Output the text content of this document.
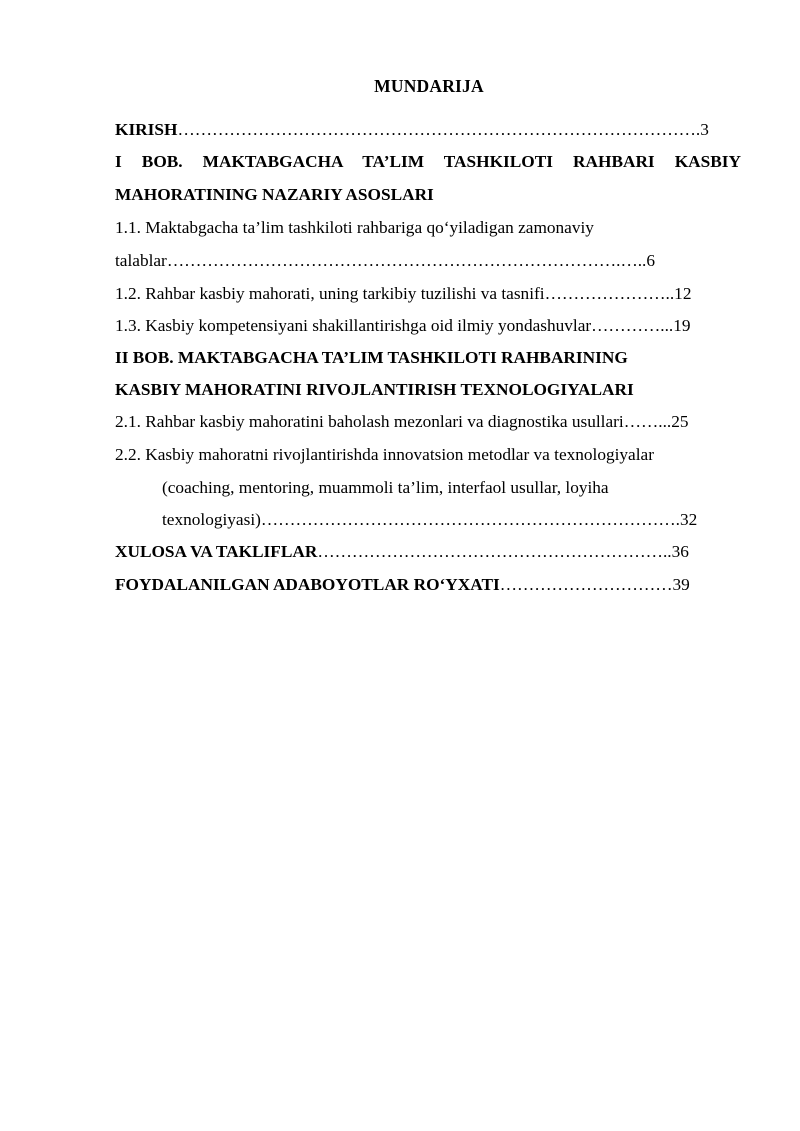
MUNDARIJA
KIRISH……………………………………………………………………………….3
I BOB. MAKTABGACHA TA’LIM TASHKILOTI RAHBARI KASBIY
MAHORATINING NAZARIY ASOSLARI
1.1. Maktabgacha ta’lim tashkiloti rahbariga qo‘yiladigan zamonaviy
talablar…………………………………………………………………….…..6
1.2. Rahbar kasbiy mahorati, uning tarkibiy tuzilishi va tasnifi…………………..12
1.3. Kasbiy kompetensiyani shakillantirishga oid ilmiy yondashuvlar…………...19
II BOB. MAKTABGACHA TA’LIM TASHKILOTI RAHBARINING
KASBIY MAHORATINI RIVOJLANTIRISH TEXNOLOGIYALARI
2.1. Rahbar kasbiy mahoratini baholash mezonlari va diagnostika usullari……...25
2.2. Kasbiy mahoratni rivojlantirishda innovatsion metodlar va texnologiyalar
(coaching, mentoring, muammoli ta’lim, interfaol usullar, loyiha
texnologiyasi)……………………………………………………………….32
XULOSA VA TAKLIFLAR……………………………………………………..36
FOYDALANILGAN ADABOYOTLAR RO‘YXATI…………………………39
